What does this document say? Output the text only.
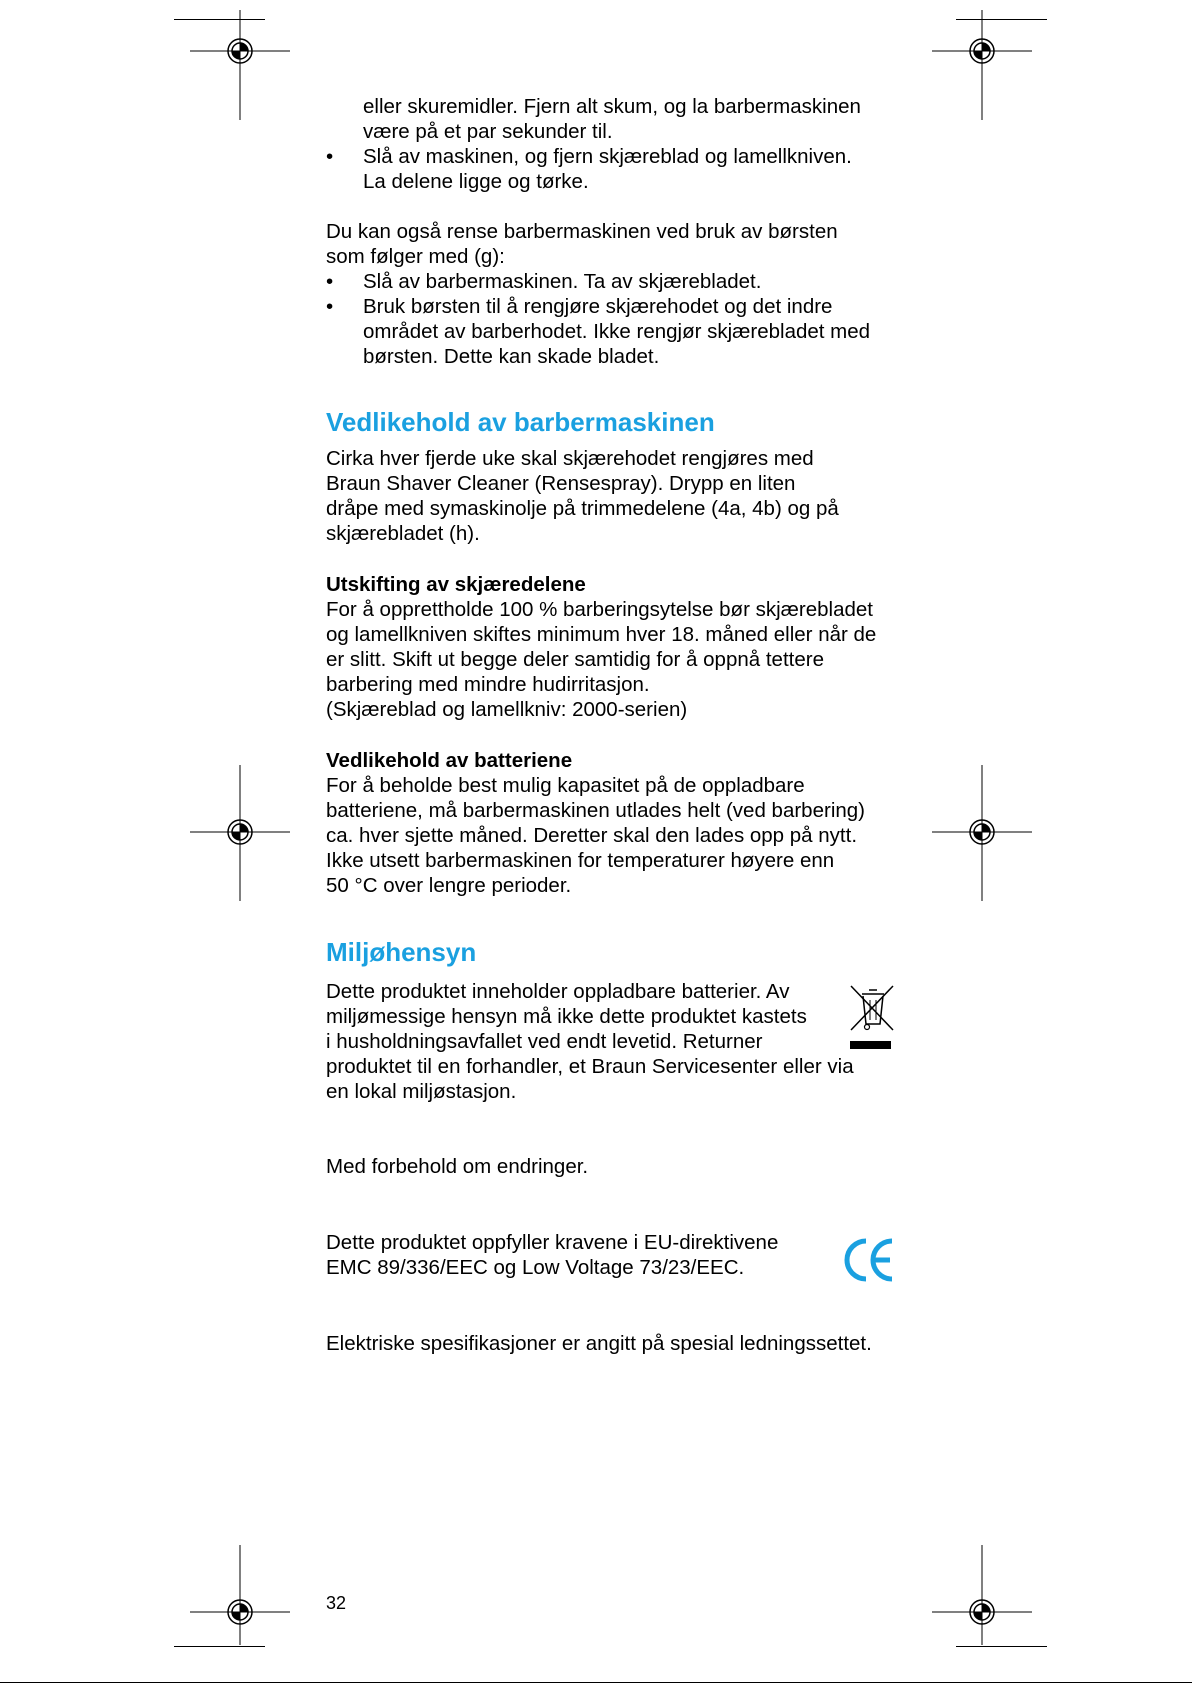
eller skuremidler. Fjern alt skum, og la barbermaskinen
være på et par sekunder til.
• Slå av maskinen, og fjern skjæreblad og lamellkniven.
La delene ligge og tørke.
Du kan også rense barbermaskinen ved bruk av børsten
som følger med (g):
• Slå av barbermaskinen. Ta av skjærebladet.
• Bruk børsten til å rengjøre skjærehodet og det indre
området av barberhodet. Ikke rengjør skjærebladet med
børsten. Dette kan skade bladet.
Vedlikehold av barbermaskinen
Cirka hver fjerde uke skal skjærehodet rengjøres med
Braun Shaver Cleaner (Rensespray). Drypp en liten
dråpe med symaskinolje på trimmedelene (4a, 4b) og på
skjærebladet (h).
Utskifting av skjæredelene
For å opprettholde 100 % barberingsytelse bør skjærebladet
og lamellkniven skiftes minimum hver 18. måned eller når de
er slitt. Skift ut begge deler samtidig for å oppnå tettere
barbering med mindre hudirritasjon.
(Skjæreblad og lamellkniv: 2000-serien)
Vedlikehold av batteriene
For å beholde best mulig kapasitet på de oppladbare
batteriene, må barbermaskinen utlades helt (ved barbering)
ca. hver sjette måned. Deretter skal den lades opp på nytt.
Ikke utsett barbermaskinen for temperaturer høyere enn
50 °C over lengre perioder.
Miljøhensyn
Dette produktet inneholder oppladbare batterier. Av
miljømessige hensyn må ikke dette produktet kastets
i husholdningsavfallet ved endt levetid. Returner
produktet til en forhandler, et Braun Servicesenter eller via
en lokal miljøstasjon.
Med forbehold om endringer.
Dette produktet oppfyller kravene i EU-direktivene
EMC 89/336/EEC og Low Voltage 73/23/EEC.
Elektriske spesifikasjoner er angitt på spesial ledningssettet.
32
